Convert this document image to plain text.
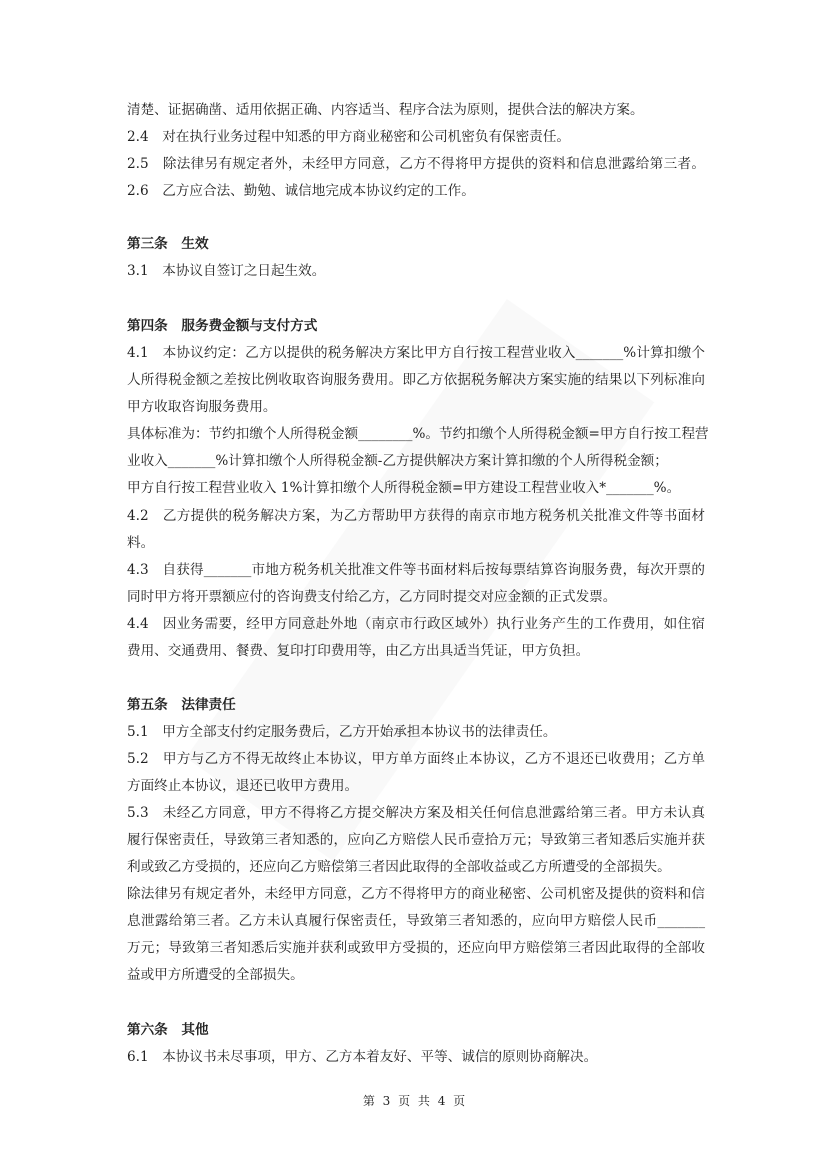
清楚、证据确凿、适用依据正确、内容适当、程序合法为原则，提供合法的解决方案。
2.4　对在执行业务过程中知悉的甲方商业秘密和公司机密负有保密责任。
2.5　除法律另有规定者外，未经甲方同意，乙方不得将甲方提供的资料和信息泄露给第三者。
2.6　乙方应合法、勤勉、诚信地完成本协议约定的工作。
第三条　生效
3.1　本协议自签订之日起生效。
第四条　服务费金额与支付方式
4.1　本协议约定：乙方以提供的税务解决方案比甲方自行按工程营业收入_______%计算扣缴个
人所得税金额之差按比例收取咨询服务费用。即乙方依据税务解决方案实施的结果以下列标准向
甲方收取咨询服务费用。
具体标准为：节约扣缴个人所得税金额________%。节约扣缴个人所得税金额=甲方自行按工程营
业收入_______%计算扣缴个人所得税金额-乙方提供解决方案计算扣缴的个人所得税金额；
甲方自行按工程营业收入 1%计算扣缴个人所得税金额=甲方建设工程营业收入*_______%。
4.2　乙方提供的税务解决方案，为乙方帮助甲方获得的南京市地方税务机关批准文件等书面材
料。
4.3　自获得_______市地方税务机关批准文件等书面材料后按每票结算咨询服务费，每次开票的
同时甲方将开票额应付的咨询费支付给乙方，乙方同时提交对应金额的正式发票。
4.4　因业务需要，经甲方同意赴外地（南京市行政区域外）执行业务产生的工作费用，如住宿
费用、交通费用、餐费、复印打印费用等，由乙方出具适当凭证，甲方负担。
第五条　法律责任
5.1　甲方全部支付约定服务费后，乙方开始承担本协议书的法律责任。
5.2　甲方与乙方不得无故终止本协议，甲方单方面终止本协议，乙方不退还已收费用；乙方单
方面终止本协议，退还已收甲方费用。
5.3　未经乙方同意，甲方不得将乙方提交解决方案及相关任何信息泄露给第三者。甲方未认真
履行保密责任，导致第三者知悉的，应向乙方赔偿人民币壹拾万元；导致第三者知悉后实施并获
利或致乙方受损的，还应向乙方赔偿第三者因此取得的全部收益或乙方所遭受的全部损失。
除法律另有规定者外，未经甲方同意，乙方不得将甲方的商业秘密、公司机密及提供的资料和信
息泄露给第三者。乙方未认真履行保密责任，导致第三者知悉的，应向甲方赔偿人民币_______
万元；导致第三者知悉后实施并获利或致甲方受损的，还应向甲方赔偿第三者因此取得的全部收
益或甲方所遭受的全部损失。
第六条　其他
6.1　本协议书未尽事项，甲方、乙方本着友好、平等、诚信的原则协商解决。
第 3 页 共 4 页
